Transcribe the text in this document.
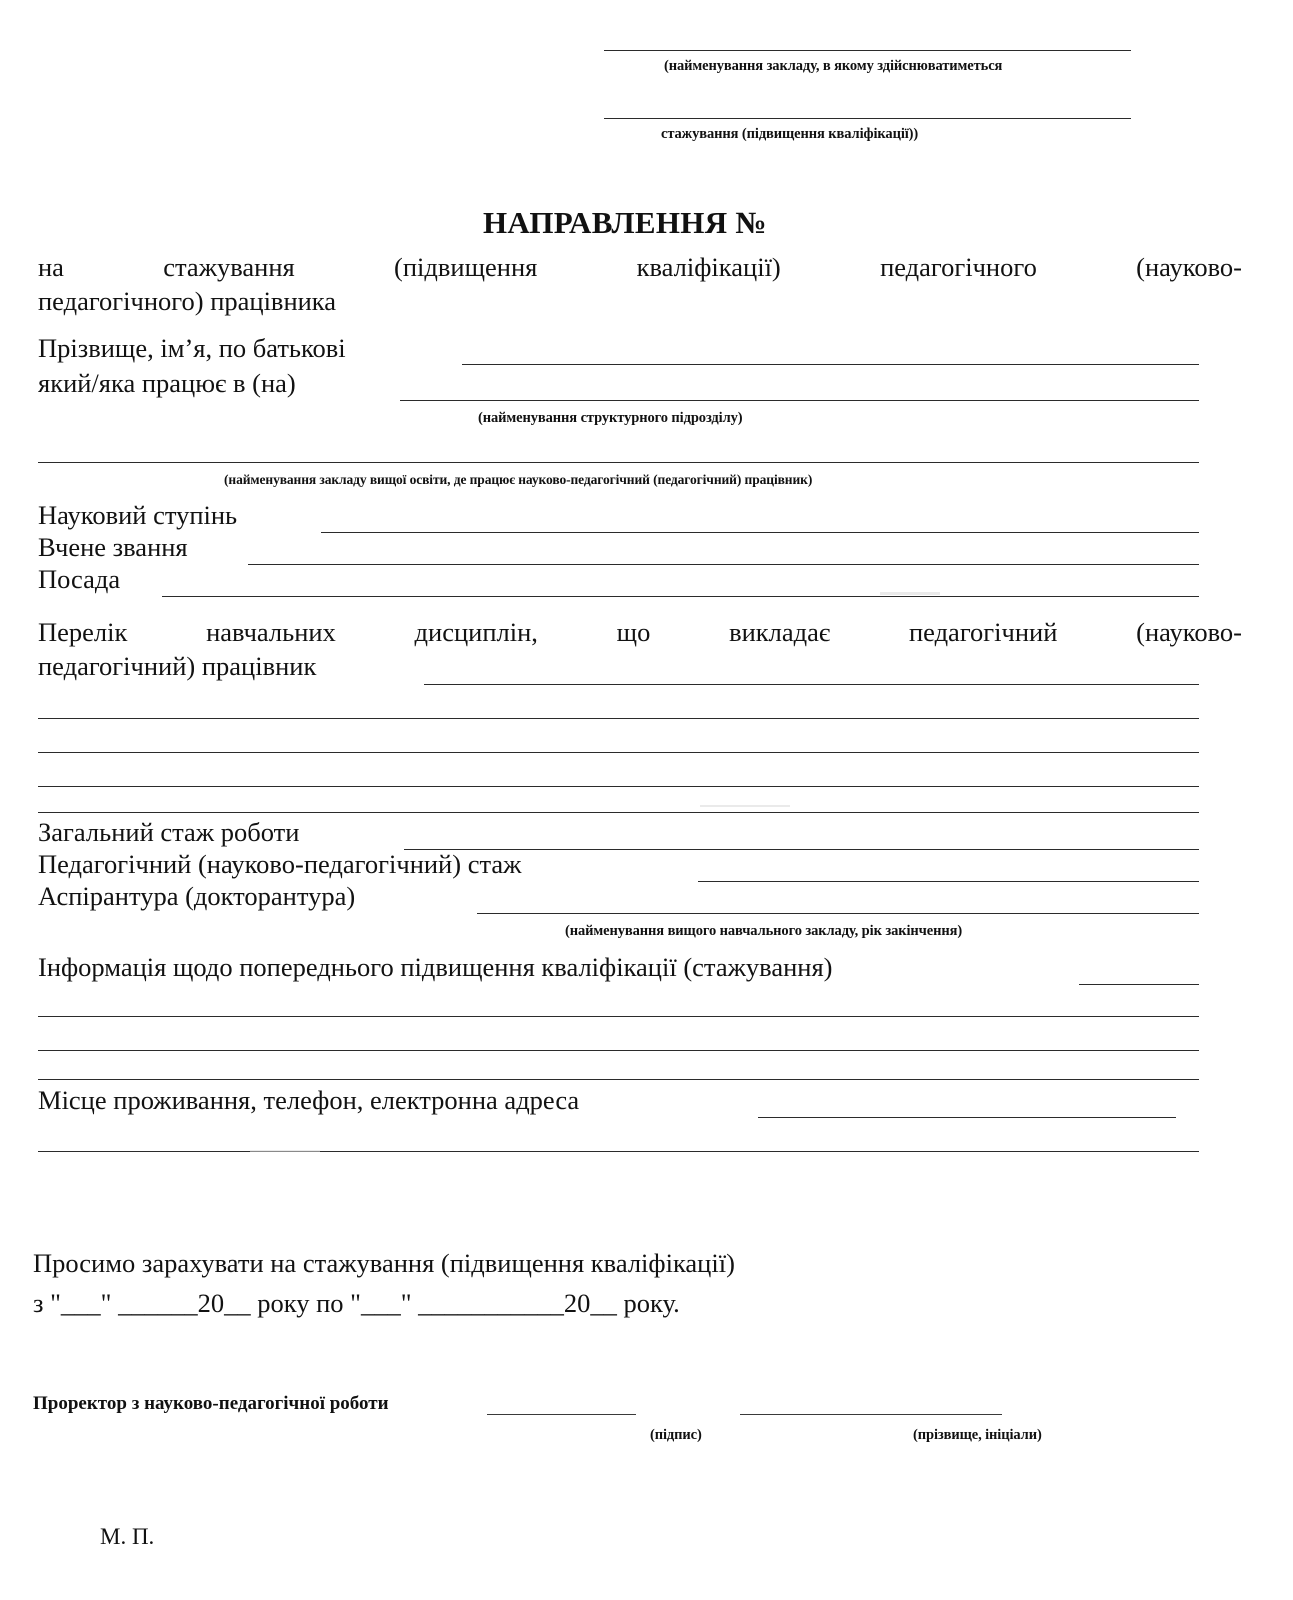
(найменування закладу, в якому здійснюватиметься
стажування (підвищення кваліфікації))
НАПРАВЛЕННЯ №
на стажування (підвищення кваліфікації) педагогічного (науково-
педагогічного) працівника
Прізвище, ім’я, по батькові
який/яка працює в (на)
(найменування структурного підрозділу)
(найменування закладу вищої освіти, де працює науково-педагогічний (педагогічний) працівник)
Науковий ступінь
Вчене звання
Посада
Перелік навчальних дисциплін, що викладає педагогічний (науково-
педагогічний) працівник
Загальний стаж роботи
Педагогічний (науково-педагогічний) стаж
Аспірантура (докторантура)
(найменування вищого навчального закладу, рік закінчення)
Інформація щодо попереднього підвищення кваліфікації (стажування)
Місце проживання, телефон, електронна адреса
Просимо зарахувати на стажування (підвищення кваліфікації)
з "___" ______20__ року по "___" ___________20__ року.
Проректор з науково-педагогічної роботи
(підпис)	(прізвище, ініціали)
М. П.
